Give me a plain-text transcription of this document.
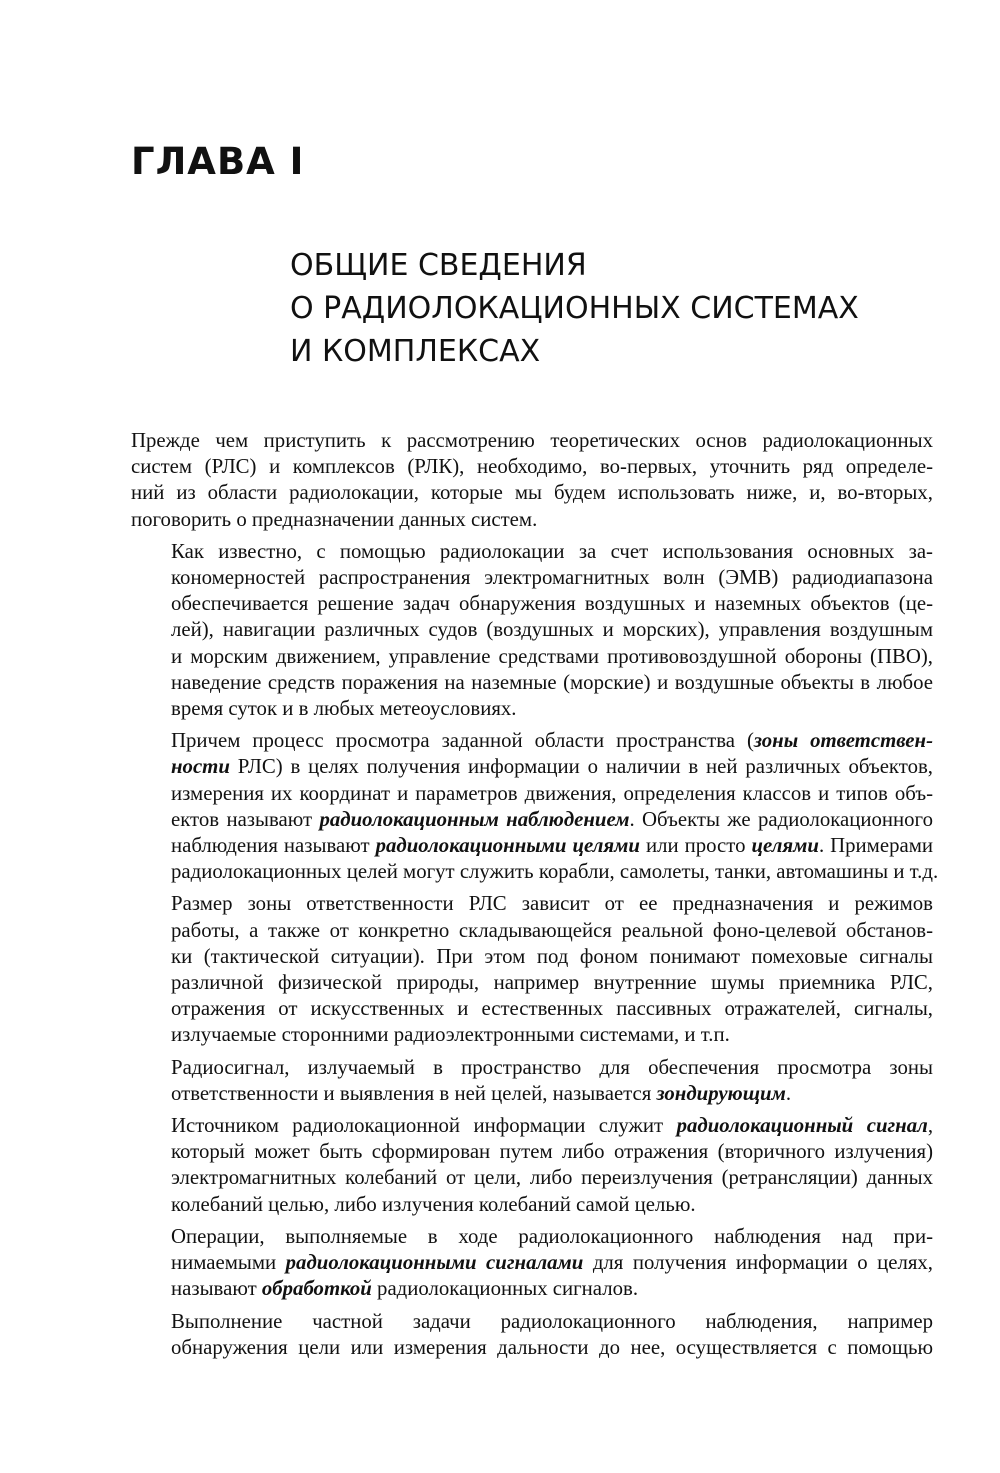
ГЛАВА I
ОБЩИЕ СВЕДЕНИЯ
О РАДИОЛОКАЦИОННЫХ СИСТЕМАХ
И КОМПЛЕКСАХ

Прежде чем приступить к рассмотрению теоретических основ радиолокационных
систем (РЛС) и комплексов (РЛК), необходимо, во-первых, уточнить ряд определе-
ний из области радиолокации, которые мы будем использовать ниже, и, во-вторых,
поговорить о предназначении данных систем.

Как известно, с помощью радиолокации за счет использования основных за-
кономерностей распространения электромагнитных волн (ЭМВ) радиодиапазона
обеспечивается решение задач обнаружения воздушных и наземных объектов (це-
лей), навигации различных судов (воздушных и морских), управления воздушным
и морским движением, управление средствами противовоздушной обороны (ПВО),
наведение средств поражения на наземные (морские) и воздушные объекты в любое
время суток и в любых метеоусловиях.

Причем процесс просмотра заданной области пространства (зоны ответствен-
ности РЛС) в целях получения информации о наличии в ней различных объектов,
измерения их координат и параметров движения, определения классов и типов объ-
ектов называют радиолокационным наблюдением. Объекты же радиолокационного
наблюдения называют радиолокационными целями или просто целями. Примерами
радиолокационных целей могут служить корабли, самолеты, танки, автомашины и т.д.

Размер зоны ответственности РЛС зависит от ее предназначения и режимов
работы, а также от конкретно складывающейся реальной фоно-целевой обстанов-
ки (тактической ситуации). При этом под фоном понимают помеховые сигналы
различной физической природы, например внутренние шумы приемника РЛС,
отражения от искусственных и естественных пассивных отражателей, сигналы,
излучаемые сторонними радиоэлектронными системами, и т.п.

Радиосигнал, излучаемый в пространство для обеспечения просмотра зоны
ответственности и выявления в ней целей, называется зондирующим.

Источником радиолокационной информации служит радиолокационный сигнал,
который может быть сформирован путем либо отражения (вторичного излучения)
электромагнитных колебаний от цели, либо переизлучения (ретрансляции) данных
колебаний целью, либо излучения колебаний самой целью.

Операции, выполняемые в ходе радиолокационного наблюдения над при-
нимаемыми радиолокационными сигналами для получения информации о целях,
называют обработкой радиолокационных сигналов.

Выполнение частной задачи радиолокационного наблюдения, например
обнаружения цели или измерения дальности до нее, осуществляется с помощью
